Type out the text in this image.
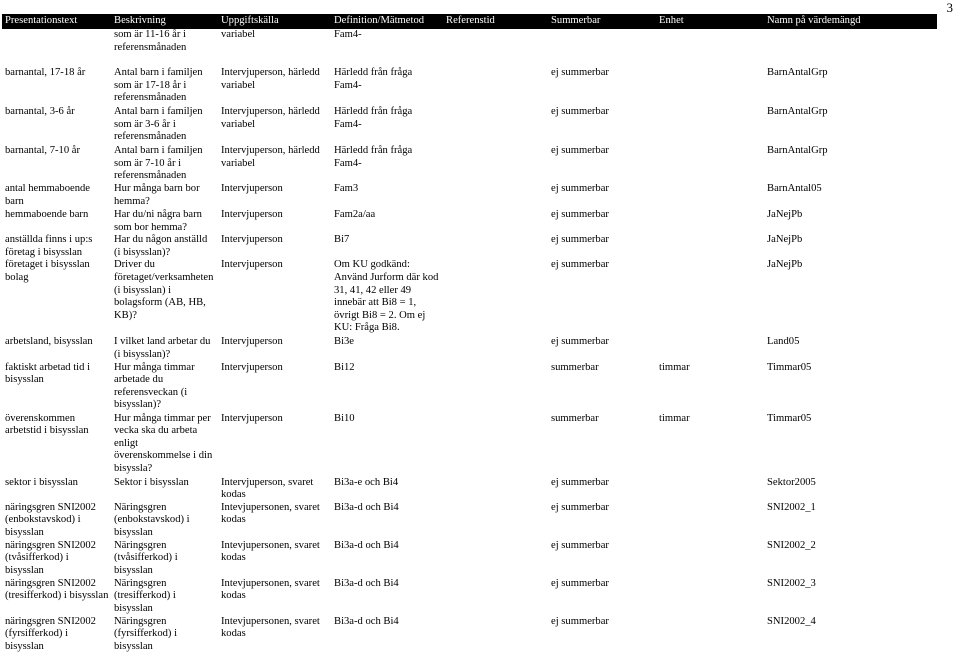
3
Presentationstext	Beskrivning	Uppgiftskälla	Definition/Mätmetod	Referenstid	Summerbar	Enhet	Namn på värdemängd
	som är 11-16 år i referensmånaden	variabel	Fam4-				
barnantal, 17-18 år	Antal barn i familjen som är 17-18 år i referensmånaden	Intervjuperson, härledd variabel	Härledd från fråga Fam4-		ej summerbar		BarnAntalGrp
barnantal, 3-6 år	Antal barn i familjen som är 3-6 år i referensmånaden	Intervjuperson, härledd variabel	Härledd från fråga Fam4-		ej summerbar		BarnAntalGrp
barnantal, 7-10 år	Antal barn i familjen som är 7-10 år i referensmånaden	Intervjuperson, härledd variabel	Härledd från fråga Fam4-		ej summerbar		BarnAntalGrp
antal hemmaboende barn	Hur många barn bor hemma?	Intervjuperson	Fam3		ej summerbar		BarnAntal05
hemmaboende barn	Har du/ni några barn som bor hemma?	Intervjuperson	Fam2a/aa		ej summerbar		JaNejPb
anställda finns i up:s företag i bisysslan	Har du någon anställd (i bisysslan)?	Intervjuperson	Bi7		ej summerbar		JaNejPb
företaget i bisysslan bolag	Driver du företaget/verksamheten (i bisysslan) i bolagsform (AB, HB, KB)?	Intervjuperson	Om KU godkänd: Använd Jurform där kod 31, 41, 42 eller 49 innebär att Bi8 = 1, övrigt Bi8 = 2. Om ej KU: Fråga Bi8.		ej summerbar		JaNejPb
arbetsland, bisysslan	I vilket land arbetar du (i bisysslan)?	Intervjuperson	Bi3e		ej summerbar		Land05
faktiskt arbetad tid i bisysslan	Hur många timmar arbetade du referensveckan (i bisysslan)?	Intervjuperson	Bi12		summerbar	timmar	Timmar05
överenskommen arbetstid i bisysslan	Hur många timmar per vecka ska du arbeta enligt överenskommelse i din bisyssla?	Intervjuperson	Bi10		summerbar	timmar	Timmar05
sektor i bisysslan	Sektor i bisysslan	Intervjuperson, svaret kodas	Bi3a-e och Bi4		ej summerbar		Sektor2005
näringsgren SNI2002 (enbokstavskod) i bisysslan	Näringsgren (enbokstavskod) i bisysslan	Intevjupersonen, svaret kodas	Bi3a-d och Bi4		ej summerbar		SNI2002_1
näringsgren SNI2002 (tvåsifferkod) i bisysslan	Näringsgren (tvåsifferkod) i bisysslan	Intevjupersonen, svaret kodas	Bi3a-d och Bi4		ej summerbar		SNI2002_2
näringsgren SNI2002 (tresifferkod) i bisysslan	Näringsgren (tresifferkod) i bisysslan	Intevjupersonen, svaret kodas	Bi3a-d och Bi4		ej summerbar		SNI2002_3
näringsgren SNI2002 (fyrsifferkod) i bisysslan	Näringsgren (fyrsifferkod) i bisysslan	Intevjupersonen, svaret kodas	Bi3a-d och Bi4		ej summerbar		SNI2002_4
